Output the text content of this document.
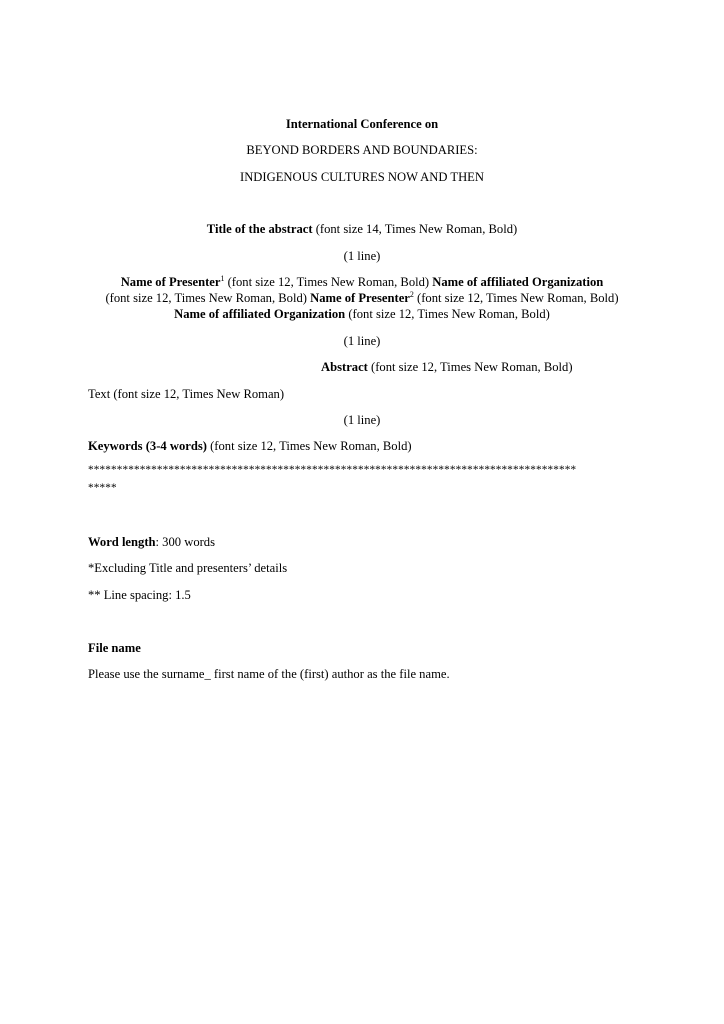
International Conference on
BEYOND BORDERS AND BOUNDARIES:
INDIGENOUS CULTURES NOW AND THEN
Title of the abstract (font size 14, Times New Roman, Bold)
(1 line)
Name of Presenter$^1$ (font size 12, Times New Roman, Bold) Name of affiliated Organization
(font size 12, Times New Roman, Bold) Name of Presenter$^2$ (font size 12, Times New Roman, Bold)
Name of affiliated Organization (font size 12, Times New Roman, Bold)
(1 line)
Abstract (font size 12, Times New Roman, Bold)
Text (font size 12, Times New Roman)
(1 line)
Keywords (3-4 words) (font size 12, Times New Roman, Bold)
*************************************************************************************
*****
Word length: 300 words
*Excluding Title and presenters’ details
** Line spacing: 1.5
File name
Please use the surname_ first name of the (first) author as the file name.
